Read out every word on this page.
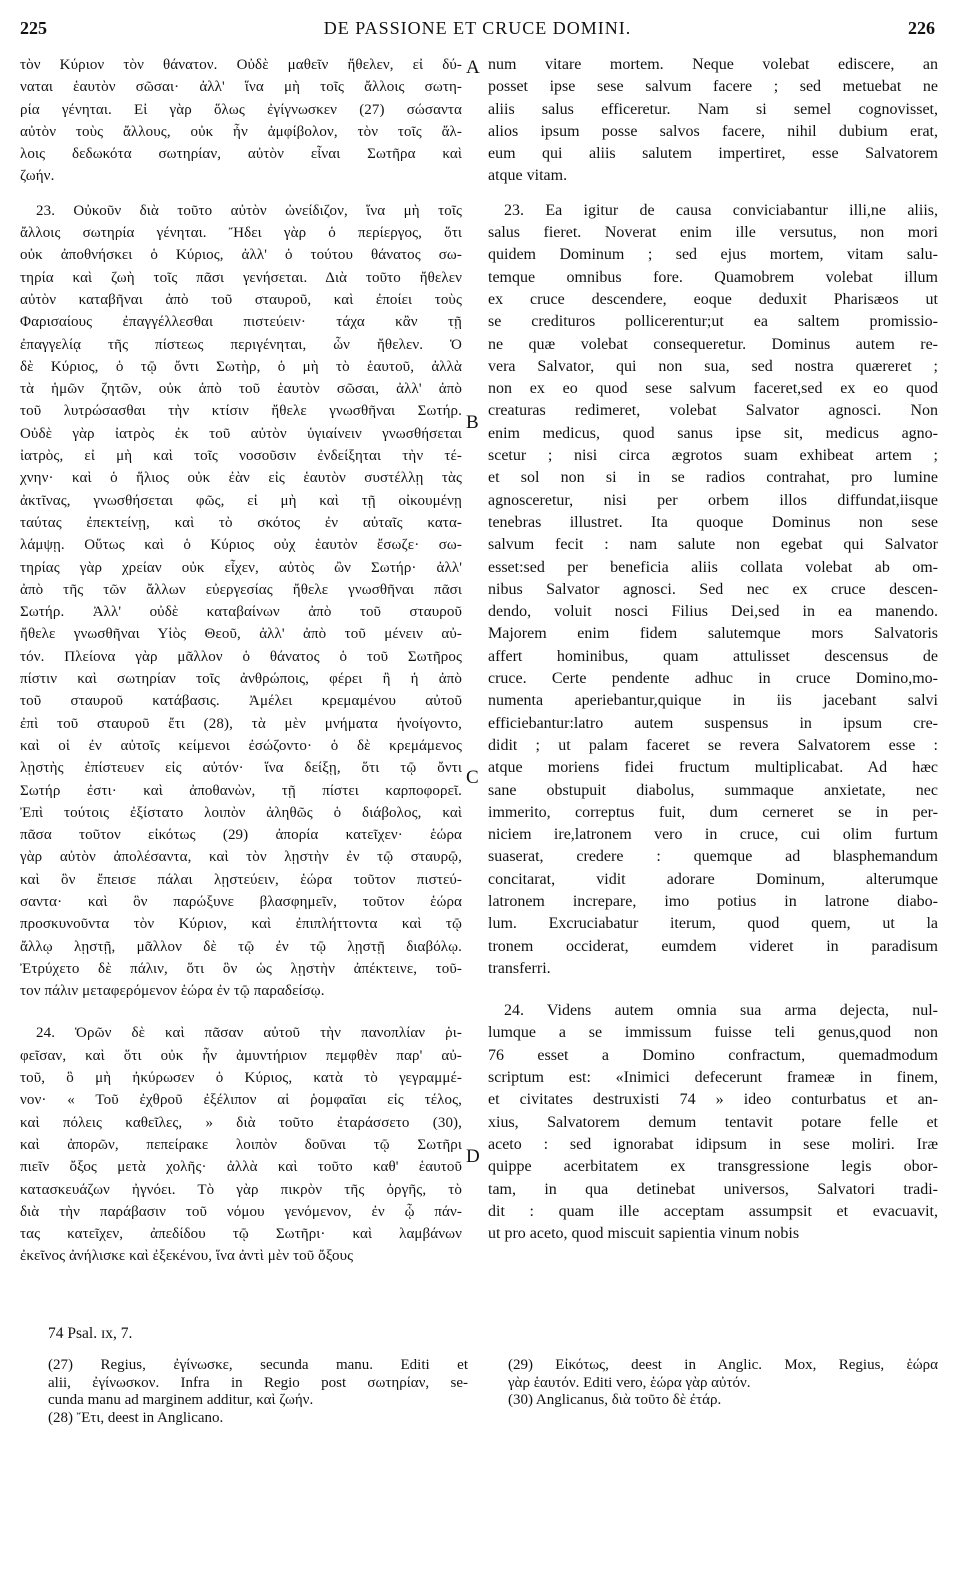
225	DE PASSIONE ET CRUCE DOMINI.	226
τὸν Κύριον τὸν θάνατον. Οὐδὲ μαθεῖν ἤθελεν, εἰ δύ-
ναται ἑαυτὸν σῶσαι· ἀλλ' ἵνα μὴ τοῖς ἄλλοις σωτη-
ρία γένηται. Εἰ γὰρ ὅλως ἐγίγνωσκεν (27) σώσαντα
αὐτὸν τοὺς ἄλλους, οὐκ ἦν ἀμφίβολον, τὸν τοῖς ἄλ-
λοις δεδωκότα σωτηρίαν, αὐτὸν εἶναι Σωτῆρα καὶ
ζωήν.
23. Οὐκοῦν διὰ τοῦτο αὐτὸν ὠνείδιζον, ἵνα μὴ τοῖς
ἄλλοις σωτηρία γένηται. Ἤδει γὰρ ὁ περίεργος, ὅτι
οὐκ ἀποθνήσκει ὁ Κύριος, ἀλλ' ὁ τούτου θάνατος σω-
τηρία καὶ ζωὴ τοῖς πᾶσι γενήσεται. Διὰ τοῦτο ἤθελεν
αὐτὸν καταβῆναι ἀπὸ τοῦ σταυροῦ, καὶ ἐποίει τοὺς
Φαρισαίους ἐπαγγέλλεσθαι πιστεύειν· τάχα κἂν τῇ
ἐπαγγελίᾳ τῆς πίστεως περιγένηται, ὧν ἤθελεν. Ὁ
δὲ Κύριος, ὁ τῷ ὄντι Σωτὴρ, ὁ μὴ τὸ ἑαυτοῦ, ἀλλὰ
τὰ ἡμῶν ζητῶν, οὐκ ἀπὸ τοῦ ἑαυτὸν σῶσαι, ἀλλ' ἀπὸ
τοῦ λυτρώσασθαι τὴν κτίσιν ἤθελε γνωσθῆναι Σωτήρ.
Οὐδὲ γὰρ ἰατρὸς ἐκ τοῦ αὐτὸν ὑγιαίνειν γνωσθήσεται
ἰατρὸς, εἰ μὴ καὶ τοῖς νοσοῦσιν ἐνδείξηται τὴν τέ-
χνην· καὶ ὁ ἥλιος οὐκ ἐὰν εἰς ἑαυτὸν συστέλλῃ τὰς
ἀκτῖνας, γνωσθήσεται φῶς, εἰ μὴ καὶ τῇ οἰκουμένῃ
ταύτας ἐπεκτείνῃ, καὶ τὸ σκότος ἐν αὐταῖς κατα-
λάμψῃ. Οὕτως καὶ ὁ Κύριος οὐχ ἑαυτὸν ἔσωζε· σω-
τηρίας γὰρ χρείαν οὐκ εἶχεν, αὐτὸς ὢν Σωτήρ· ἀλλ'
ἀπὸ τῆς τῶν ἄλλων εὐεργεσίας ἤθελε γνωσθῆναι πᾶσι
Σωτήρ. Ἀλλ' οὐδὲ καταβαίνων ἀπὸ τοῦ σταυροῦ
ἤθελε γνωσθῆναι Υἱὸς Θεοῦ, ἀλλ' ἀπὸ τοῦ μένειν αὐ-
τόν. Πλείονα γὰρ μᾶλλον ὁ θάνατος ὁ τοῦ Σωτῆρος
πίστιν καὶ σωτηρίαν τοῖς ἀνθρώποις, φέρει ἢ ἡ ἀπὸ
τοῦ σταυροῦ κατάβασις. Ἀμέλει κρεμαμένου αὐτοῦ
ἐπὶ τοῦ σταυροῦ ἔτι (28), τὰ μὲν μνήματα ἠνοίγοντο,
καὶ οἱ ἐν αὐτοῖς κείμενοι ἐσώζοντο· ὁ δὲ κρεμάμενος
λῃστὴς ἐπίστευεν εἰς αὐτόν· ἵνα δείξῃ, ὅτι τῷ ὄντι
Σωτήρ ἐστι· καὶ ἀποθανὼν, τῇ πίστει καρποφορεῖ.
Ἐπὶ τούτοις ἐξίστατο λοιπὸν ἀληθῶς ὁ διάβολος, καὶ
πᾶσα τοῦτον εἰκότως (29) ἀπορία κατεῖχεν· ἑώρα
γὰρ αὐτὸν ἀπολέσαντα, καὶ τὸν λῃστὴν ἐν τῷ σταυρῷ,
καὶ ὃν ἔπεισε πάλαι λῃστεύειν, ἑώρα τοῦτον πιστεύ-
σαντα· καὶ ὃν παρώξυνε βλασφημεῖν, τοῦτον ἑώρα
προσκυνοῦντα τὸν Κύριον, καὶ ἐπιπλήττοντα καὶ τῷ
ἄλλῳ λῃστῇ, μᾶλλον δὲ τῷ ἐν τῷ λῃστῇ διαβόλῳ.
Ἐτρύχετο δὲ πάλιν, ὅτι ὃν ὡς λῃστὴν ἀπέκτεινε, τοῦ-
τον πάλιν μεταφερόμενον ἑώρα ἐν τῷ παραδείσῳ.
24. Ὁρῶν δὲ καὶ πᾶσαν αὐτοῦ τὴν πανοπλίαν ῥι-
φεῖσαν, καὶ ὅτι οὐκ ἦν ἀμυντήριον πεμφθὲν παρ' αὐ-
τοῦ, ὃ μὴ ἠκύρωσεν ὁ Κύριος, κατὰ τὸ γεγραμμέ-
νον· « Τοῦ ἐχθροῦ ἐξέλιπον αἱ ῥομφαῖαι εἰς τέλος,
καὶ πόλεις καθεῖλες, » διὰ τοῦτο ἐταράσσετο (30),
καὶ ἀπορῶν, πεπείρακε λοιπὸν δοῦναι τῷ Σωτῆρι
πιεῖν ὄξος μετὰ χολῆς· ἀλλὰ καὶ τοῦτο καθ' ἑαυτοῦ
κατασκευάζων ἠγνόει. Τὸ γὰρ πικρὸν τῆς ὀργῆς, τὸ
διὰ τὴν παράβασιν τοῦ νόμου γενόμενον, ἐν ᾧ πάν-
τας κατεῖχεν, ἀπεδίδου τῷ Σωτῆρι· καὶ λαμβάνων
ἐκεῖνος ἀνήλισκε καὶ ἐξεκένου, ἵνα ἀντὶ μὲν τοῦ ὄξους
num vitare mortem. Neque volebat ediscere, an
posset ipse sese salvum facere ; sed metuebat ne
aliis salus efficeretur. Nam si semel cognovisset,
alios ipsum posse salvos facere, nihil dubium erat,
eum qui aliis salutem impertiret, esse Salvatorem
atque vitam.
23. Ea igitur de causa conviciabantur illi,ne aliis,
salus fieret. Noverat enim ille versutus, non mori
quidem Dominum ; sed ejus mortem, vitam salu-
temque omnibus fore. Quamobrem volebat illum
ex cruce descendere, eoque deduxit Pharisæos ut
se credituros pollicerentur;ut ea saltem promissio-
ne quæ volebat consequeretur. Dominus autem re-
vera Salvator, qui non sua, sed nostra quæreret ;
non ex eo quod sese salvum faceret,sed ex eo quod
creaturas redimeret, volebat Salvator agnosci. Non
enim medicus, quod sanus ipse sit, medicus agno-
scetur ; nisi circa ægrotos suam exhibeat artem ;
et sol non si in se radios contrahat, pro lumine
agnosceretur, nisi per orbem illos diffundat,iisque
tenebras illustret. Ita quoque Dominus non sese
salvum fecit : nam salute non egebat qui Salvator
esset:sed per beneficia aliis collata volebat ab om-
nibus Salvator agnosci. Sed nec ex cruce descen-
dendo, voluit nosci Filius Dei,sed in ea manendo.
Majorem enim fidem salutemque mors Salvatoris
affert hominibus, quam attulisset descensus de
cruce. Certe pendente adhuc in cruce Domino,mo-
numenta aperiebantur,quique in iis jacebant salvi
efficiebantur:latro autem suspensus in ipsum cre-
didit ; ut palam faceret se revera Salvatorem esse :
atque moriens fidei fructum multiplicabat. Ad hæc
sane obstupuit diabolus, summaque anxietate, nec
immerito, correptus fuit, dum cerneret se in per-
niciem ire,latronem vero in cruce, cui olim furtum
suaserat, credere : quemque ad blasphemandum
concitarat, vidit adorare Dominum, alterumque
latronem increpare, imo potius in latrone diabo-
lum. Excruciabatur iterum, quod quem, ut la
tronem occiderat, eumdem videret in paradisum
transferri.
24. Videns autem omnia sua arma dejecta, nul-
lumque a se immissum fuisse teli genus,quod non
76 esset a Domino confractum, quemadmodum
scriptum est: «Inimici defecerunt frameæ in finem,
et civitates destruxisti 74 » ideo conturbatus et an-
xius, Salvatorem demum tentavit potare felle et
aceto : sed ignorabat idipsum in sese moliri. Iræ
quippe acerbitatem ex transgressione legis obor-
tam, in qua detinebat universos, Salvatori tradi-
dit : quam ille acceptam assumpsit et evacuavit,
ut pro aceto, quod miscuit sapientia vinum nobis
A
B
C
D
74 Psal. ɪx, 7.
(27) Regius, ἐγίνωσκε, secunda manu. Editi et
alii, ἐγίνωσκον. Infra in Regio post σωτηρίαν, se-
cunda manu ad marginem additur, καὶ ζωήν.
(28) Ἔτι, deest in Anglicano.
(29) Εἰκότως, deest in Anglic. Mox, Regius, ἑώρα
γὰρ ἑαυτόν. Editi vero, ἑώρα γὰρ αὐτόν.
(30) Anglicanus, διὰ τοῦτο δὲ ἐτάρ.
